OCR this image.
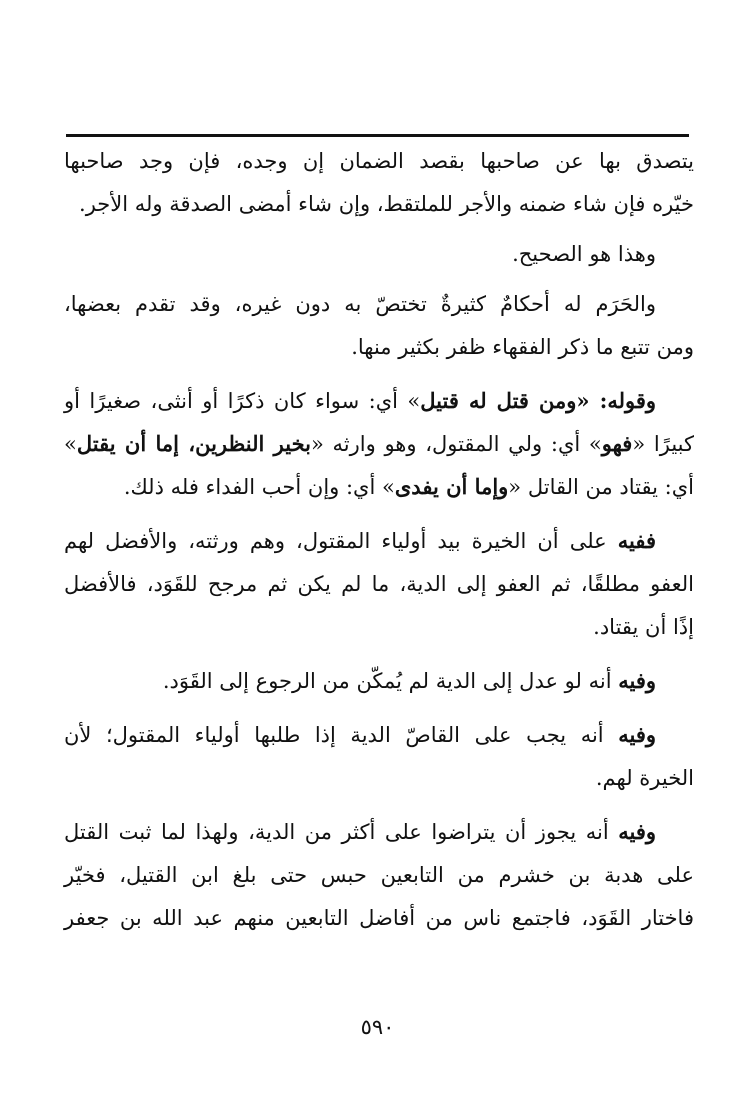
يتصدق بها عن صاحبها بقصد الضمان إن وجده، فإن وجد صاحبها
خيّره فإن شاء ضمنه والأجر للملتقط، وإن شاء أمضى الصدقة وله الأجر.
وهذا هو الصحيح.
والحَرَم له أحكامٌ كثيرةٌ تختصّ به دون غيره، وقد تقدم بعضها،
ومن تتبع ما ذكر الفقهاء ظفر بكثير منها.
وقوله: «ومن قتل له قتيل» أي: سواء كان ذكرًا أو أنثى، صغيرًا أو
كبيرًا «فهو» أي: ولي المقتول، وهو وارثه «بخير النظرين، إما أن يقتل»
أي: يقتاد من القاتل «وإما أن يفدى» أي: وإن أحب الفداء فله ذلك.
ففيه على أن الخيرة بيد أولياء المقتول، وهم ورثته، والأفضل لهم
العفو مطلقًا، ثم العفو إلى الدية، ما لم يكن ثم مرجح للقَوَد، فالأفضل
إذًا أن يقتاد.
وفيه أنه لو عدل إلى الدية لم يُمكّن من الرجوع إلى القَوَد.
وفيه أنه يجب على القاصّ الدية إذا طلبها أولياء المقتول؛ لأن
الخيرة لهم.
وفيه أنه يجوز أن يتراضوا على أكثر من الدية، ولهذا لما ثبت القتل
على هدبة بن خشرم من التابعين حبس حتى بلغ ابن القتيل، فخيّر
فاختار القَوَد، فاجتمع ناس من أفاضل التابعين منهم عبد الله بن جعفر
٥٩٠
